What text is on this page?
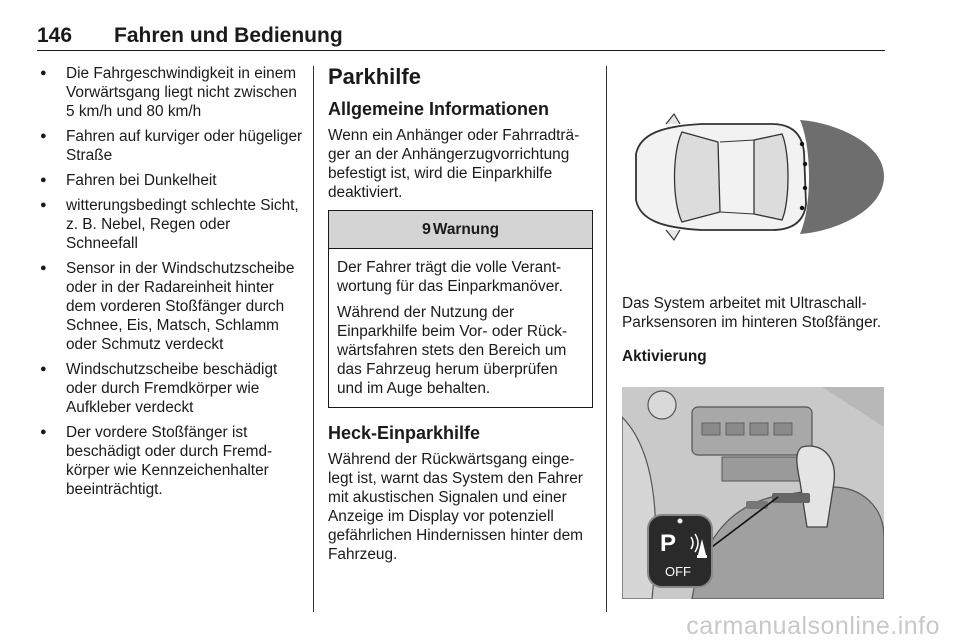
146 Fahren und Bedienung
● Die Fahrgeschwindigkeit in einem Vorwärtsgang liegt nicht zwischen 5 km/h und 80 km/h
● Fahren auf kurviger oder hügeliger Straße
● Fahren bei Dunkelheit
● witterungsbedingt schlechte Sicht, z. B. Nebel, Regen oder Schneefall
● Sensor in der Windschutzscheibe oder in der Radareinheit hinter dem vorderen Stoßfänger durch Schnee, Eis, Matsch, Schlamm oder Schmutz verdeckt
● Windschutzscheibe beschädigt oder durch Fremdkörper wie Aufkleber verdeckt
● Der vordere Stoßfänger ist beschädigt oder durch Fremdkörper wie Kennzeichenhalter beeinträchtigt.
Parkhilfe
Allgemeine Informationen

Wenn ein Anhänger oder Fahrradträger an der Anhängerzugvorrichtung befestigt ist, wird die Einparkhilfe deaktiviert.

9 Warnung

Der Fahrer trägt die volle Verantwortung für das Einparkmanöver.

Während der Nutzung der Einparkhilfe beim Vor- oder Rückwärtsfahren stets den Bereich um das Fahrzeug herum überprüfen und im Auge behalten.

Heck-Einparkhilfe

Während der Rückwärtsgang eingelegt ist, warnt das System den Fahrer mit akustischen Signalen und einer Anzeige im Display vor potenziell gefährlichen Hindernissen hinter dem Fahrzeug.

Das System arbeitet mit Ultraschall-Parksensoren im hinteren Stoßfänger.

Aktivierung

P
OFF
carmanualsonline.info
